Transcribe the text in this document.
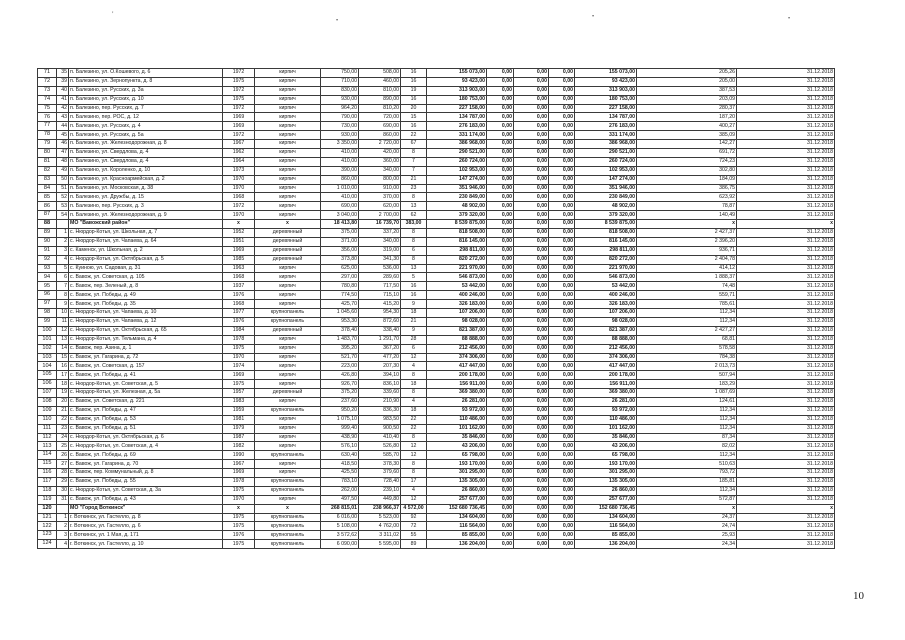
,
•
•	•
71	35	п. Балезино, ул. О.Кошевого, д. 6	1972	кирпич	750,00	508,00	16	155 073,00	0,00	0,00	0,00	155 073,00	205,26	31.12.2018
72	39	п. Балезино, ул. Зернопункта, д. 8	1975	кирпич	710,00	460,00	16	93 423,00	0,00	0,00	0,00	93 423,00	205,00	31.12.2018
73	40	п. Балезино, ул. Русских, д. 3а	1972	кирпич	830,00	810,00	19	313 903,00	0,00	0,00	0,00	313 903,00	387,53	31.12.2018
74	41	п. Балезино, ул. Русских, д. 10	1975	кирпич	930,00	890,00	16	180 753,00	0,00	0,00	0,00	180 753,00	203,09	31.12.2018
75	42	п. Балезино, пер. Русских, д. 7	1972	кирпич	964,20	810,20	20	227 158,00	0,00	0,00	0,00	227 158,00	280,37	31.12.2018
76	43	п. Балезино, пер. РОС, д. 12	1969	кирпич	790,00	720,00	15	134 787,00	0,00	0,00	0,00	134 787,00	187,20	31.12.2018
77	44	п. Балезино, ул. Русских, д. 4	1969	кирпич	730,00	690,00	16	276 183,00	0,00	0,00	0,00	276 183,00	400,27	31.12.2018
78	45	п. Балезино, ул. Русских, д. 5а	1972	кирпич	930,00	860,00	22	331 174,00	0,00	0,00	0,00	331 174,00	385,09	31.12.2018
79	46	п. Балезино, ул. Железнодорожная, д. 8	1967	кирпич	3 350,00	2 720,00	67	386 968,00	0,00	0,00	0,00	386 968,00	142,27	31.12.2018
80	47	п. Балезино, ул. Свердлова, д. 4	1962	кирпич	410,00	420,00	8	290 521,00	0,00	0,00	0,00	290 521,00	691,72	31.12.2018
81	48	п. Балезино, ул. Свердлова, д. 4	1964	кирпич	410,00	360,00	7	260 724,00	0,00	0,00	0,00	260 724,00	724,23	31.12.2018
82	49	п. Балезино, ул. Короленко, д. 10	1973	кирпич	390,00	340,00	7	102 953,00	0,00	0,00	0,00	102 953,00	302,80	31.12.2018
83	50	п. Балезино, ул. Красноармейская, д. 2	1970	кирпич	860,00	800,00	21	147 274,00	0,00	0,00	0,00	147 274,00	184,09	31.12.2018
84	51	п. Балезино, ул. Московская, д. 38	1970	кирпич	1 010,00	910,00	23	351 946,00	0,00	0,00	0,00	351 946,00	386,75	31.12.2018
85	52	п. Балезино, ул. Дружбы, д. 15	1968	кирпич	410,00	370,00	8	230 849,00	0,00	0,00	0,00	230 849,00	623,92	31.12.2018
86	53	п. Балезино, пер. Русских, д. 3	1972	кирпич	690,00	620,00	13	48 902,00	0,00	0,00	0,00	48 902,00	78,87	31.12.2018
87	54	п. Балезино, ул. Железнодорожная, д. 9	1970	кирпич	3 040,00	2 700,00	62	379 320,00	0,00	0,00	0,00	379 320,00	140,49	31.12.2018
88		МО "Вавожский район"	х	х	18 413,80	16 739,70	383,00	8 539 875,00	0,00	0,00	0,00	8 539 875,00	х	х
89	1	с. Нюрдор-Котья, ул. Школьная, д. 7	1952	деревянный	375,00	337,20	8	818 508,00	0,00	0,00	0,00	818 508,00	2 427,37	31.12.2018
90	2	с. Нюрдор-Котья, ул. Чапаева, д. 64	1951	деревянный	371,00	340,00	8	816 145,00	0,00	0,00	0,00	816 145,00	2 396,20	31.12.2018
91	3	с. Каменск, ул. Школьная, д. 2	1969	деревянный	356,00	319,00	6	298 811,00	0,00	0,00	0,00	298 811,00	936,71	31.12.2018
92	4	с. Нюрдор-Котья, ул. Октябрьская, д. 5	1985	деревянный	373,80	341,30	8	820 272,00	0,00	0,00	0,00	820 272,00	2 404,78	31.12.2018
93	5	с. Куиною, ул. Садовая, д. 31	1963	кирпич	625,00	536,00	13	221 970,00	0,00	0,00	0,00	221 970,00	414,12	31.12.2018
94	6	с. Вавож, ул. Советская, д. 105	1968	кирпич	297,00	289,60	5	546 873,00	0,00	0,00	0,00	546 873,00	1 888,37	31.12.2018
95	7	с. Вавож, пер. Зеленый, д. 8	1937	кирпич	780,80	717,50	16	53 442,00	0,00	0,00	0,00	53 442,00	74,48	31.12.2018
96	8	с. Вавож, ул. Победы, д. 49	1976	кирпич	774,50	715,10	16	400 246,00	0,00	0,00	0,00	400 246,00	559,71	31.12.2018
97	9	с. Вавож, ул. Победы, д. 35	1968	кирпич	425,70	415,20	9	326 183,00	0,00	0,00	0,00	326 183,00	785,61	31.12.2018
98	10	с. Нюрдор-Котья, ул. Чапаева, д. 10	1977	крупнопанель	1 045,60	954,30	18	107 206,00	0,00	0,00	0,00	107 206,00	112,34	31.12.2018
99	11	с. Нюрдор-Котья, ул. Чапаева, д. 12	1976	крупнопанель	953,30	872,60	21	98 028,00	0,00	0,00	0,00	98 028,00	112,34	31.12.2018
100	12	с. Нюрдор-Котья, ул. Октябрьская, д. 65	1984	деревянный	378,40	338,40	9	821 387,00	0,00	0,00	0,00	821 387,00	2 427,27	31.12.2018
101	13	с. Нюрдор-Котья, ул. Тельмана, д. 4	1978	кирпич	1 483,70	1 291,70	28	88 888,00	0,00	0,00	0,00	88 888,00	68,81	31.12.2018
102	14	с. Вавож, пер. Азина, д. 1	1975	кирпич	395,20	367,20	6	212 456,00	0,00	0,00	0,00	212 456,00	578,58	31.12.2018
103	15	с. Вавож, ул. Гагарина, д. 72	1970	кирпич	521,70	477,20	12	374 306,00	0,00	0,00	0,00	374 306,00	784,38	31.12.2018
104	16	с. Вавож, ул. Советская, д. 157	1974	кирпич	223,00	207,30	4	417 447,00	0,00	0,00	0,00	417 447,00	2 013,73	31.12.2018
105	17	с. Вавож, ул. Победы, д. 41	1969	кирпич	426,80	394,10	8	200 178,00	0,00	0,00	0,00	200 178,00	507,94	31.12.2018
106	18	с. Нюрдор-Котья, ул. Советская, д. 5	1975	кирпич	926,70	836,10	18	156 911,00	0,00	0,00	0,00	156 911,00	183,29	31.12.2018
107	19	с. Нюрдор-Котья, ул. Железная, д. 5а	1957	деревянный	375,20	339,60	8	369 380,00	0,00	0,00	0,00	369 380,00	1 087,69	31.12.2018
108	20	с. Вавож, ул. Советская, д. 221	1983	кирпич	237,60	210,90	4	26 281,00	0,00	0,00	0,00	26 281,00	124,61	31.12.2018
109	21	с. Вавож, ул. Победы, д. 47	1959	крупнопанель	950,20	836,30	18	93 972,00	0,00	0,00	0,00	93 972,00	112,34	31.12.2018
110	22	с. Вавож, ул. Победы, д. 53	1981	кирпич	1 075,10	983,50	22	110 486,00	0,00	0,00	0,00	110 486,00	112,34	31.12.2018
111	23	с. Вавож, ул. Победы, д. 51	1979	кирпич	999,40	900,50	22	101 162,00	0,00	0,00	0,00	101 162,00	112,34	31.12.2018
112	24	с. Нюрдор-Котья, ул. Октябрьская, д. 6	1987	кирпич	438,90	410,40	8	35 846,00	0,00	0,00	0,00	35 846,00	87,34	31.12.2018
113	25	с. Нюрдор-Котья, ул. Советская, д. 4	1982	кирпич	576,10	526,80	12	43 206,00	0,00	0,00	0,00	43 206,00	82,02	31.12.2018
114	26	с. Вавож, ул. Победы, д. 69	1990	крупнопанель	630,40	585,70	12	65 798,00	0,00	0,00	0,00	65 798,00	112,34	31.12.2018
115	27	с. Вавож, ул. Гагарина, д. 70	1967	кирпич	418,50	378,30	8	193 170,00	0,00	0,00	0,00	193 170,00	510,63	31.12.2018
116	28	с. Вавож, пер. Коммунальный, д. 8	1969	кирпич	425,50	379,60	8	301 295,00	0,00	0,00	0,00	301 295,00	793,72	31.12.2018
117	29	с. Вавож, ул. Победы, д. 55	1978	крупнопанель	783,10	728,40	17	135 305,00	0,00	0,00	0,00	135 305,00	185,81	31.12.2018
118	30	с. Нюрдор-Котья, ул. Советская, д. 3а	1975	крупнопанель	262,00	239,10	4	26 860,00	0,00	0,00	0,00	26 860,00	112,34	31.12.2018
119	31	с. Вавож, ул. Победы, д. 43	1970	кирпич	497,50	449,80	12	257 677,00	0,00	0,00	0,00	257 677,00	572,87	31.12.2018
120		МО "Город Воткинск"	х	х	268 815,01	238 966,37	4 572,00	152 680 736,45	0,00	0,00	0,00	152 680 736,45	х	х
121	1	г. Воткинск, ул. Гастелло, д. 8	1975	крупнопанель	6 016,00	5 523,00	92	134 604,00	0,00	0,00	0,00	134 604,00	24,37	31.12.2018
122	2	г. Воткинск, ул. Гастелло, д. 6	1975	крупнопанель	5 108,00	4 762,00	72	116 564,00	0,00	0,00	0,00	116 564,00	24,74	31.12.2018
123	3	г. Воткинск, ул. 1 Мая, д. 171	1976	крупнопанель	3 572,62	3 311,02	55	85 855,00	0,00	0,00	0,00	85 855,00	25,93	31.12.2018
124	4	г. Воткинск, ул. Гастелло, д. 10	1975	крупнопанель	6 090,00	5 595,00	89	136 204,00	0,00	0,00	0,00	136 204,00	24,34	31.12.2018
10
